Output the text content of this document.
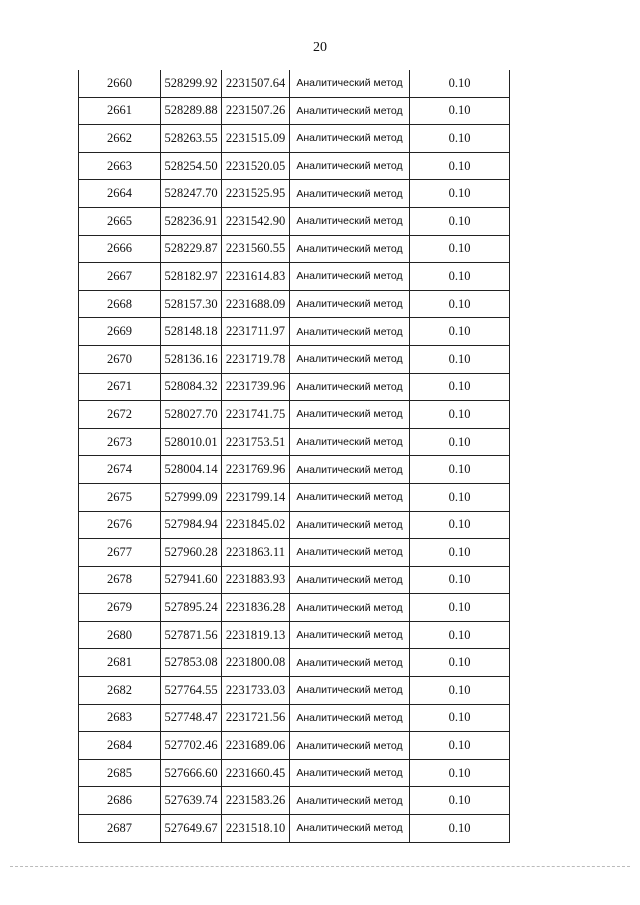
20
2660	528299.92	2231507.64	Аналитический метод	0.10
2661	528289.88	2231507.26	Аналитический метод	0.10
2662	528263.55	2231515.09	Аналитический метод	0.10
2663	528254.50	2231520.05	Аналитический метод	0.10
2664	528247.70	2231525.95	Аналитический метод	0.10
2665	528236.91	2231542.90	Аналитический метод	0.10
2666	528229.87	2231560.55	Аналитический метод	0.10
2667	528182.97	2231614.83	Аналитический метод	0.10
2668	528157.30	2231688.09	Аналитический метод	0.10
2669	528148.18	2231711.97	Аналитический метод	0.10
2670	528136.16	2231719.78	Аналитический метод	0.10
2671	528084.32	2231739.96	Аналитический метод	0.10
2672	528027.70	2231741.75	Аналитический метод	0.10
2673	528010.01	2231753.51	Аналитический метод	0.10
2674	528004.14	2231769.96	Аналитический метод	0.10
2675	527999.09	2231799.14	Аналитический метод	0.10
2676	527984.94	2231845.02	Аналитический метод	0.10
2677	527960.28	2231863.11	Аналитический метод	0.10
2678	527941.60	2231883.93	Аналитический метод	0.10
2679	527895.24	2231836.28	Аналитический метод	0.10
2680	527871.56	2231819.13	Аналитический метод	0.10
2681	527853.08	2231800.08	Аналитический метод	0.10
2682	527764.55	2231733.03	Аналитический метод	0.10
2683	527748.47	2231721.56	Аналитический метод	0.10
2684	527702.46	2231689.06	Аналитический метод	0.10
2685	527666.60	2231660.45	Аналитический метод	0.10
2686	527639.74	2231583.26	Аналитический метод	0.10
2687	527649.67	2231518.10	Аналитический метод	0.10
